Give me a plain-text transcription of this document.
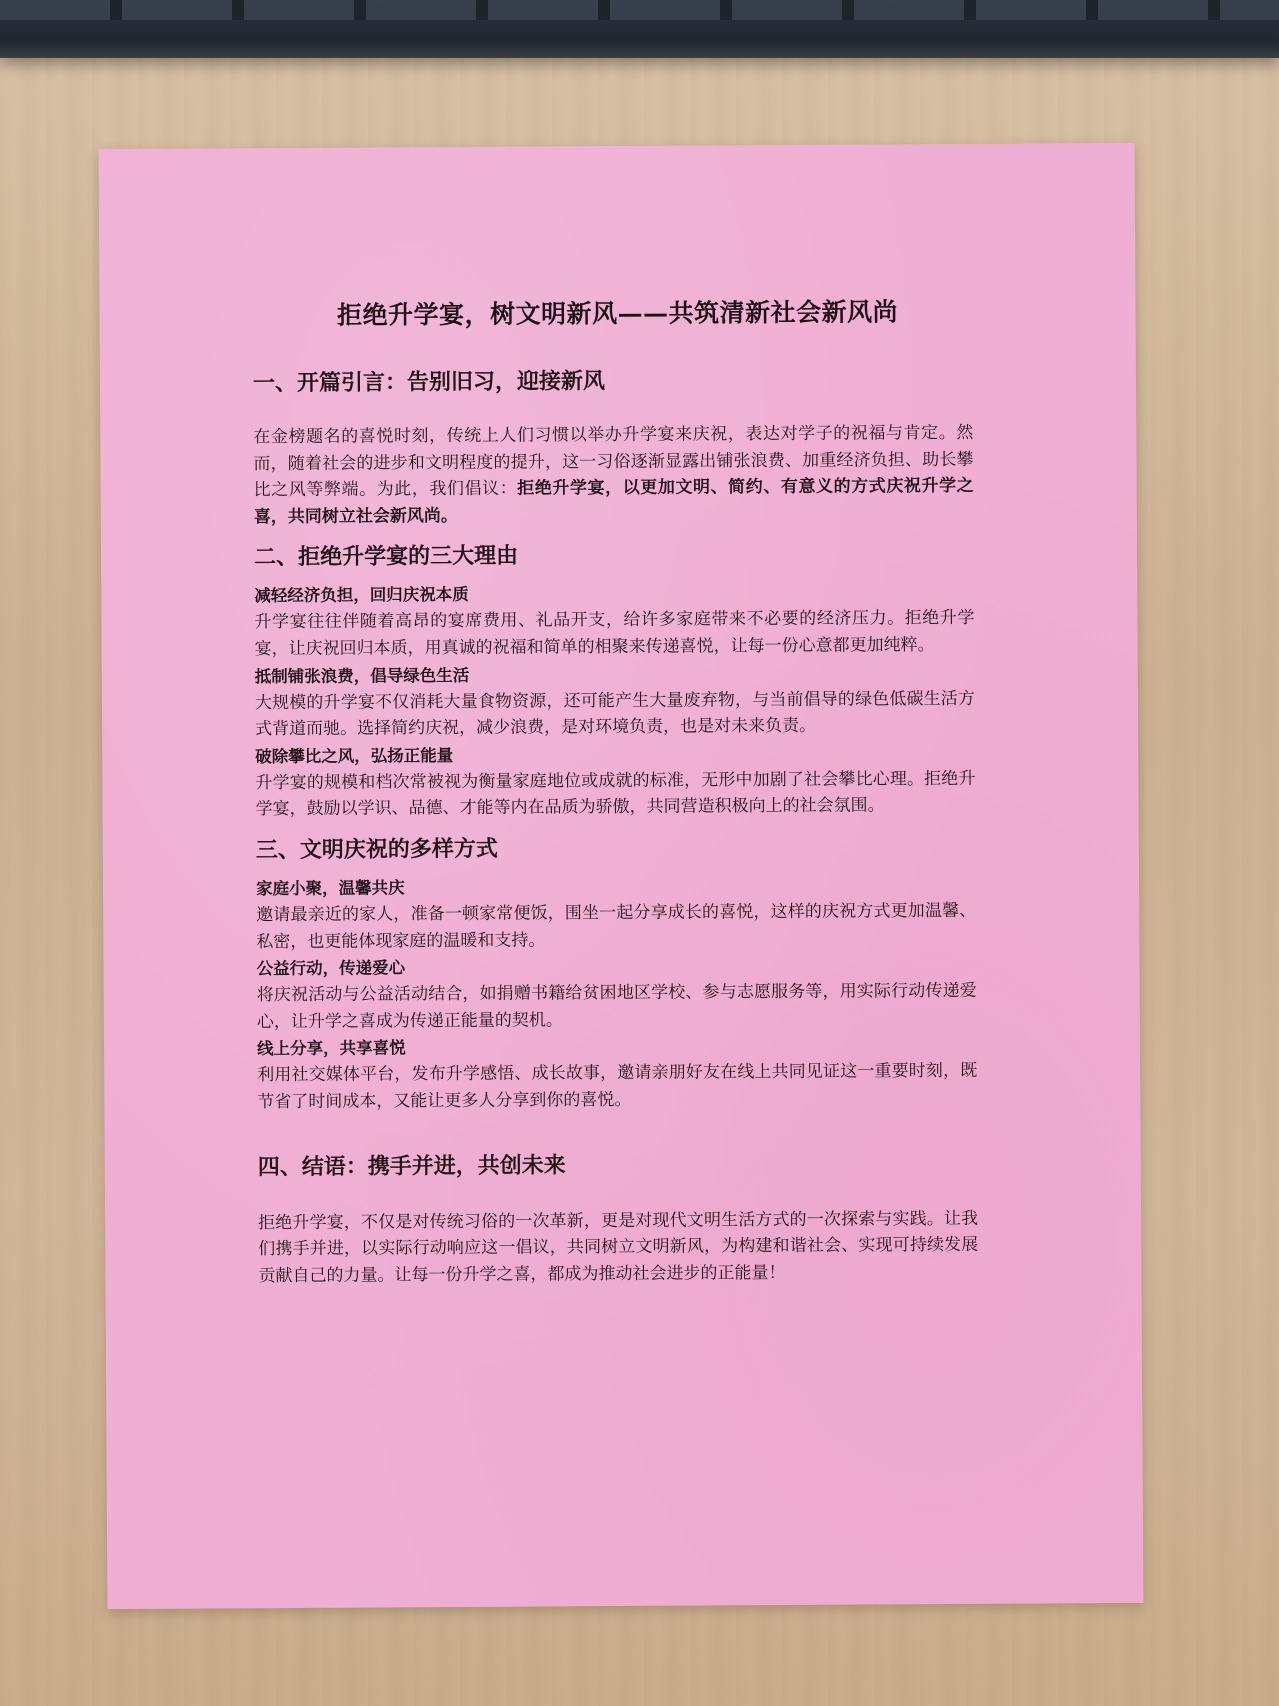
拒绝升学宴，树文明新风——共筑清新社会新风尚
一、开篇引言：告别旧习，迎接新风

在金榜题名的喜悦时刻，传统上人们习惯以举办升学宴来庆祝，表达对学子的祝福与肯定。然而，随着社会的进步和文明程度的提升，这一习俗逐渐显露出铺张浪费、加重经济负担、助长攀比之风等弊端。为此，我们倡议：拒绝升学宴，以更加文明、简约、有意义的方式庆祝升学之喜，共同树立社会新风尚。

二、拒绝升学宴的三大理由

减轻经济负担，回归庆祝本质

升学宴往往伴随着高昂的宴席费用、礼品开支，给许多家庭带来不必要的经济压力。拒绝升学宴，让庆祝回归本质，用真诚的祝福和简单的相聚来传递喜悦，让每一份心意都更加纯粹。

抵制铺张浪费，倡导绿色生活

大规模的升学宴不仅消耗大量食物资源，还可能产生大量废弃物，与当前倡导的绿色低碳生活方式背道而驰。选择简约庆祝，减少浪费，是对环境负责，也是对未来负责。

破除攀比之风，弘扬正能量

升学宴的规模和档次常被视为衡量家庭地位或成就的标准，无形中加剧了社会攀比心理。拒绝升学宴，鼓励以学识、品德、才能等内在品质为骄傲，共同营造积极向上的社会氛围。

三、文明庆祝的多样方式

家庭小聚，温馨共庆

邀请最亲近的家人，准备一顿家常便饭，围坐一起分享成长的喜悦，这样的庆祝方式更加温馨、私密，也更能体现家庭的温暖和支持。

公益行动，传递爱心

将庆祝活动与公益活动结合，如捐赠书籍给贫困地区学校、参与志愿服务等，用实际行动传递爱心，让升学之喜成为传递正能量的契机。

线上分享，共享喜悦

利用社交媒体平台，发布升学感悟、成长故事，邀请亲朋好友在线上共同见证这一重要时刻，既节省了时间成本，又能让更多人分享到你的喜悦。

四、结语：携手并进，共创未来

拒绝升学宴，不仅是对传统习俗的一次革新，更是对现代文明生活方式的一次探索与实践。让我们携手并进，以实际行动响应这一倡议，共同树立文明新风，为构建和谐社会、实现可持续发展贡献自己的力量。让每一份升学之喜，都成为推动社会进步的正能量！
